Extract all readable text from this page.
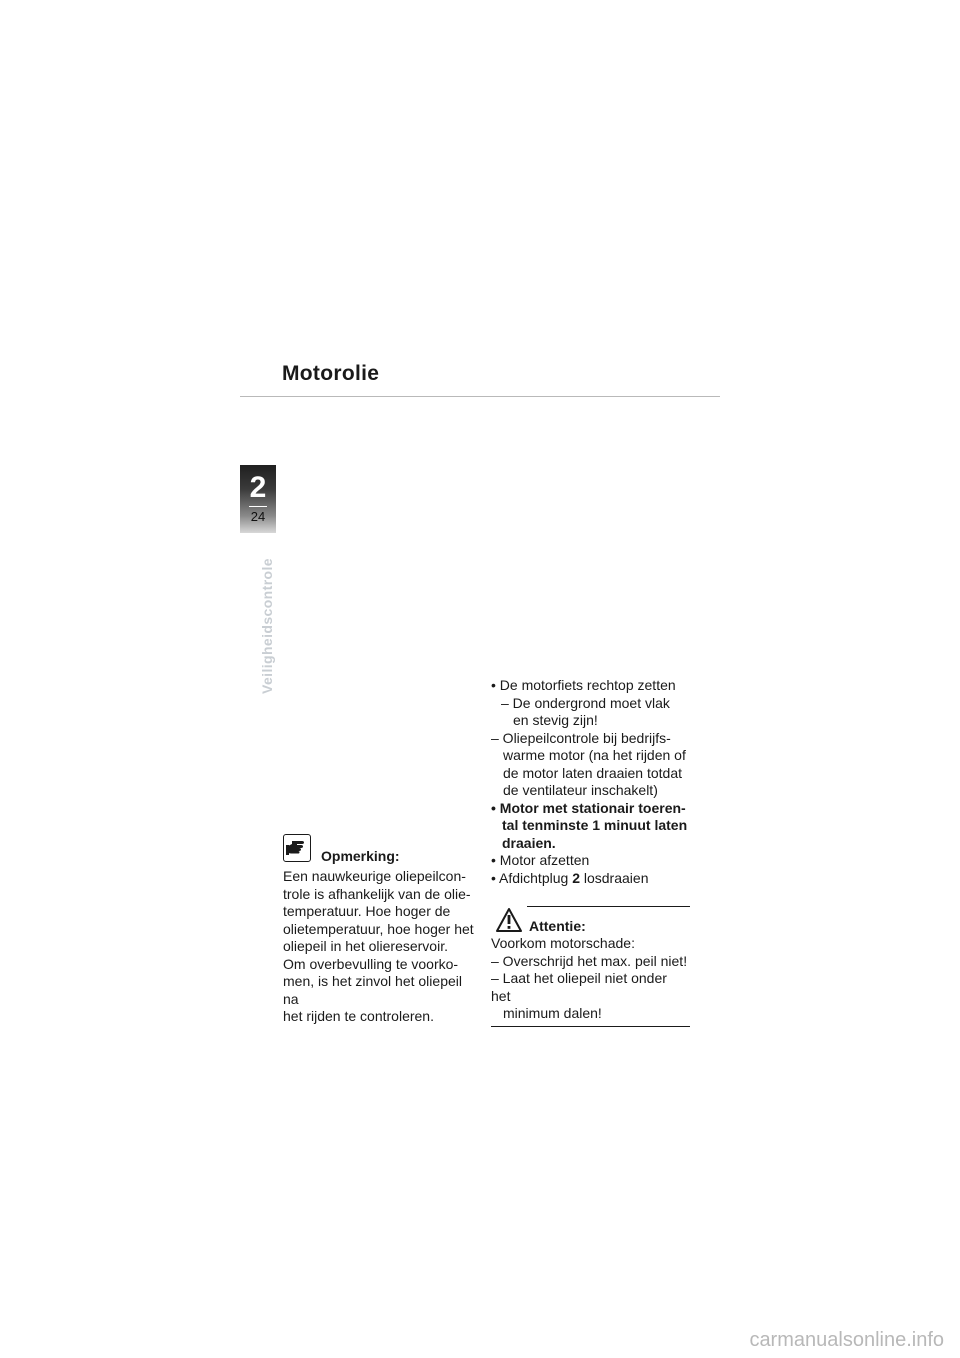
Motorolie
2
24
Veiligheidscontrole
Opmerking:
Een nauwkeurige oliepeilcon-
trole is afhankelijk van de olie-
temperatuur. Hoe hoger de
olietemperatuur, hoe hoger het
oliepeil in het oliereservoir.
Om overbevulling te voorko-
men, is het zinvol het oliepeil na
het rijden te controleren.
• De motorfiets rechtop zetten
– De ondergrond moet vlak
en stevig zijn!
– Oliepeilcontrole bij bedrijfs-
warme motor (na het rijden of
de motor laten draaien totdat
de ventilateur inschakelt)
• Motor met stationair toeren-
tal tenminste 1 minuut laten
draaien.
• Motor afzetten
• Afdichtplug 2 losdraaien
Attentie:
Voorkom motorschade:
– Overschrijd het max. peil niet!
– Laat het oliepeil niet onder het
minimum dalen!
carmanualsonline.info
